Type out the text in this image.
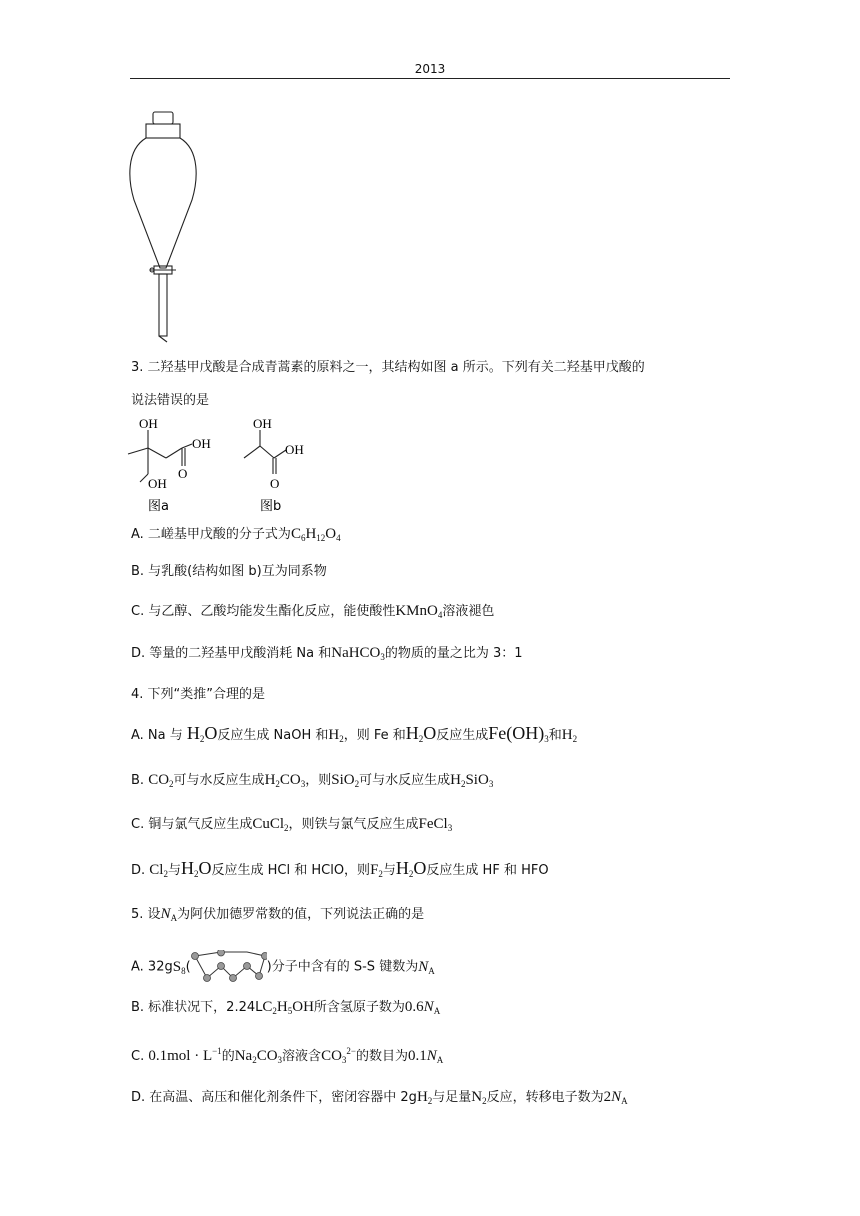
2013
3. 二羟基甲戊酸是合成青蒿素的原料之一，其结构如图 a 所示。下列有关二羟基甲戊酸的
说法错误的是
OH
OH
O
OH
图a
OH
OH
O
图b
A. 二嵯基甲戊酸的分子式为$C_6H_{12}O_4$
B. 与乳酸(结构如图 b)互为同系物
C. 与乙醇、乙酸均能发生酯化反应，能使酸性KMnO$_4$溶液褪色
D. 等量的二羟基甲戊酸消耗 Na 和NaHCO$_3$的物质的量之比为 3：1
4. 下列“类推”合理的是
A. Na 与 $H_2O$反应生成 NaOH 和$H_2$，则 Fe 和$H_2O$反应生成$Fe(OH)_3$和$H_2$
B. $CO_2$可与水反应生成$H_2CO_3$，则SiO$_2$可与水反应生成$H_2SiO_3$
C. 铜与氯气反应生成CuCl$_2$，则铁与氯气反应生成FeCl$_3$
D. $Cl_2$与$H_2O$反应生成 HCl 和 HClO，则$F_2$与$H_2O$反应生成 HF 和 HFO
5. 设$N_A$为阿伏加德罗常数的值，下列说法正确的是
A. $32gS_8$(	)分子中含有的 S-S 键数为$N_A$
B. 标准状况下，$2.24LC_2H_5OH$所含氢原子数为$0.6N_A$
C. $0.1mol \cdot L^{-1}$的$Na_2CO_3$溶液含$CO_3^{2-}$的数目为$0.1N_A$
D. 在高温、高压和催化剂条件下，密闭容器中 $2gH_2$与足量$N_2$反应，转移电子数为$2N_A$
